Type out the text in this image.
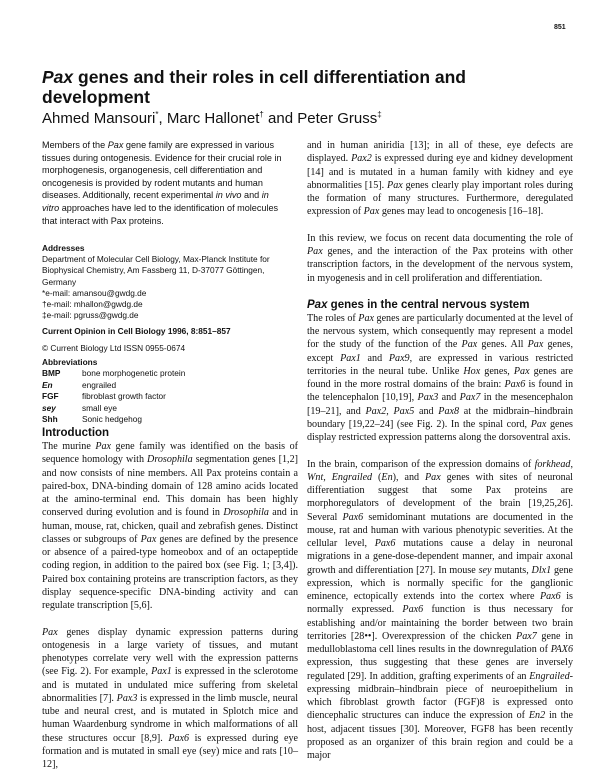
851
Pax genes and their roles in cell differentiation and development
Ahmed Mansouri*, Marc Hallonet† and Peter Gruss‡
Members of the Pax gene family are expressed in various tissues during ontogenesis. Evidence for their crucial role in morphogenesis, organogenesis, cell differentiation and oncogenesis is provided by rodent mutants and human diseases. Additionally, recent experimental in vivo and in vitro approaches have led to the identification of molecules that interact with Pax proteins.
Addresses
Department of Molecular Cell Biology, Max-Planck Institute for Biophysical Chemistry, Am Fassberg 11, D-37077 Göttingen, Germany
*e-mail: amansou@gwdg.de
†e-mail: mhallon@gwdg.de
‡e-mail: pgruss@gwdg.de
Current Opinion in Cell Biology 1996, 8:851–857
© Current Biology Ltd ISSN 0955-0674
Abbreviations
BMP	bone morphogenetic protein
En	engrailed
FGF	fibroblast growth factor
sey	small eye
Shh	Sonic hedgehog
Introduction

The murine Pax gene family was identified on the basis of sequence homology with Drosophila segmentation genes [1,2] and now consists of nine members. All Pax proteins contain a paired-box, DNA-binding domain of 128 amino acids located at the amino-terminal end. This domain has been highly conserved during evolution and is found in Drosophila and in human, mouse, rat, chicken, quail and zebrafish genes. Distinct classes or subgroups of Pax genes are defined by the presence or absence of a paired-type homeobox and of an octapeptide coding region, in addition to the paired box (see Fig. 1; [3,4]). Paired box containing proteins are transcription factors, as they display sequence-specific DNA-binding activity and can regulate transcription [5,6].

Pax genes display dynamic expression patterns during ontogenesis in a large variety of tissues, and mutant phenotypes correlate very well with the expression patterns (see Fig. 2). For example, Pax1 is expressed in the sclerotome and is mutated in undulated mice suffering from skeletal abnormalities [7]. Pax3 is expressed in the limb muscle, neural tube and neural crest, and is mutated in Splotch mice and human Waardenburg syndrome in which malformations of all these structures occur [8,9]. Pax6 is expressed during eye formation and is mutated in small eye (sey) mice and rats [10–12],

and in human aniridia [13]; in all of these, eye defects are displayed. Pax2 is expressed during eye and kidney development [14] and is mutated in a human family with kidney and eye abnormalities [15]. Pax genes clearly play important roles during the formation of many structures. Furthermore, deregulated expression of Pax genes may lead to oncogenesis [16–18].

In this review, we focus on recent data documenting the role of Pax genes, and the interaction of the Pax proteins with other transcription factors, in the development of the nervous system, in myogenesis and in cell proliferation and differentiation.

Pax genes in the central nervous system

The roles of Pax genes are particularly documented at the level of the nervous system, which consequently may represent a model for the study of the function of the Pax genes. All Pax genes, except Pax1 and Pax9, are expressed in various restricted territories in the neural tube. Unlike Hox genes, Pax genes are found in the more rostral domains of the brain: Pax6 is found in the telencephalon [10,19], Pax3 and Pax7 in the mesencephalon [19–21], and Pax2, Pax5 and Pax8 at the midbrain–hindbrain boundary [19,22–24] (see Fig. 2). In the spinal cord, Pax genes display restricted expression patterns along the dorsoventral axis.

In the brain, comparison of the expression domains of forkhead, Wnt, Engrailed (En), and Pax genes with sites of neuronal differentiation suggest that some Pax proteins are morphoregulators of development of the brain [19,25,26]. Several Pax6 semidominant mutations are documented in the mouse, rat and human with various phenotypic severities. At the cellular level, Pax6 mutations cause a delay in neuronal migrations in a gene-dose-dependent manner, and impair axonal growth and differentiation [27]. In mouse sey mutants, Dlx1 gene expression, which is normally specific for the ganglionic eminence, ectopically extends into the cortex where Pax6 is normally expressed. Pax6 function is thus necessary for establishing and/or maintaining the border between two brain territories [28••]. Overexpression of the chicken Pax7 gene in medulloblastoma cell lines results in the downregulation of PAX6 expression, thus suggesting that these genes are inversely regulated [29]. In addition, grafting experiments of an Engrailed-expressing midbrain–hindbrain piece of neuroepithelium in which fibroblast growth factor (FGF)8 is expressed onto diencephalic structures can induce the expression of En2 in the host, adjacent tissues [30]. Moreover, FGF8 has been recently proposed as an organizer of this brain region and could be a major
